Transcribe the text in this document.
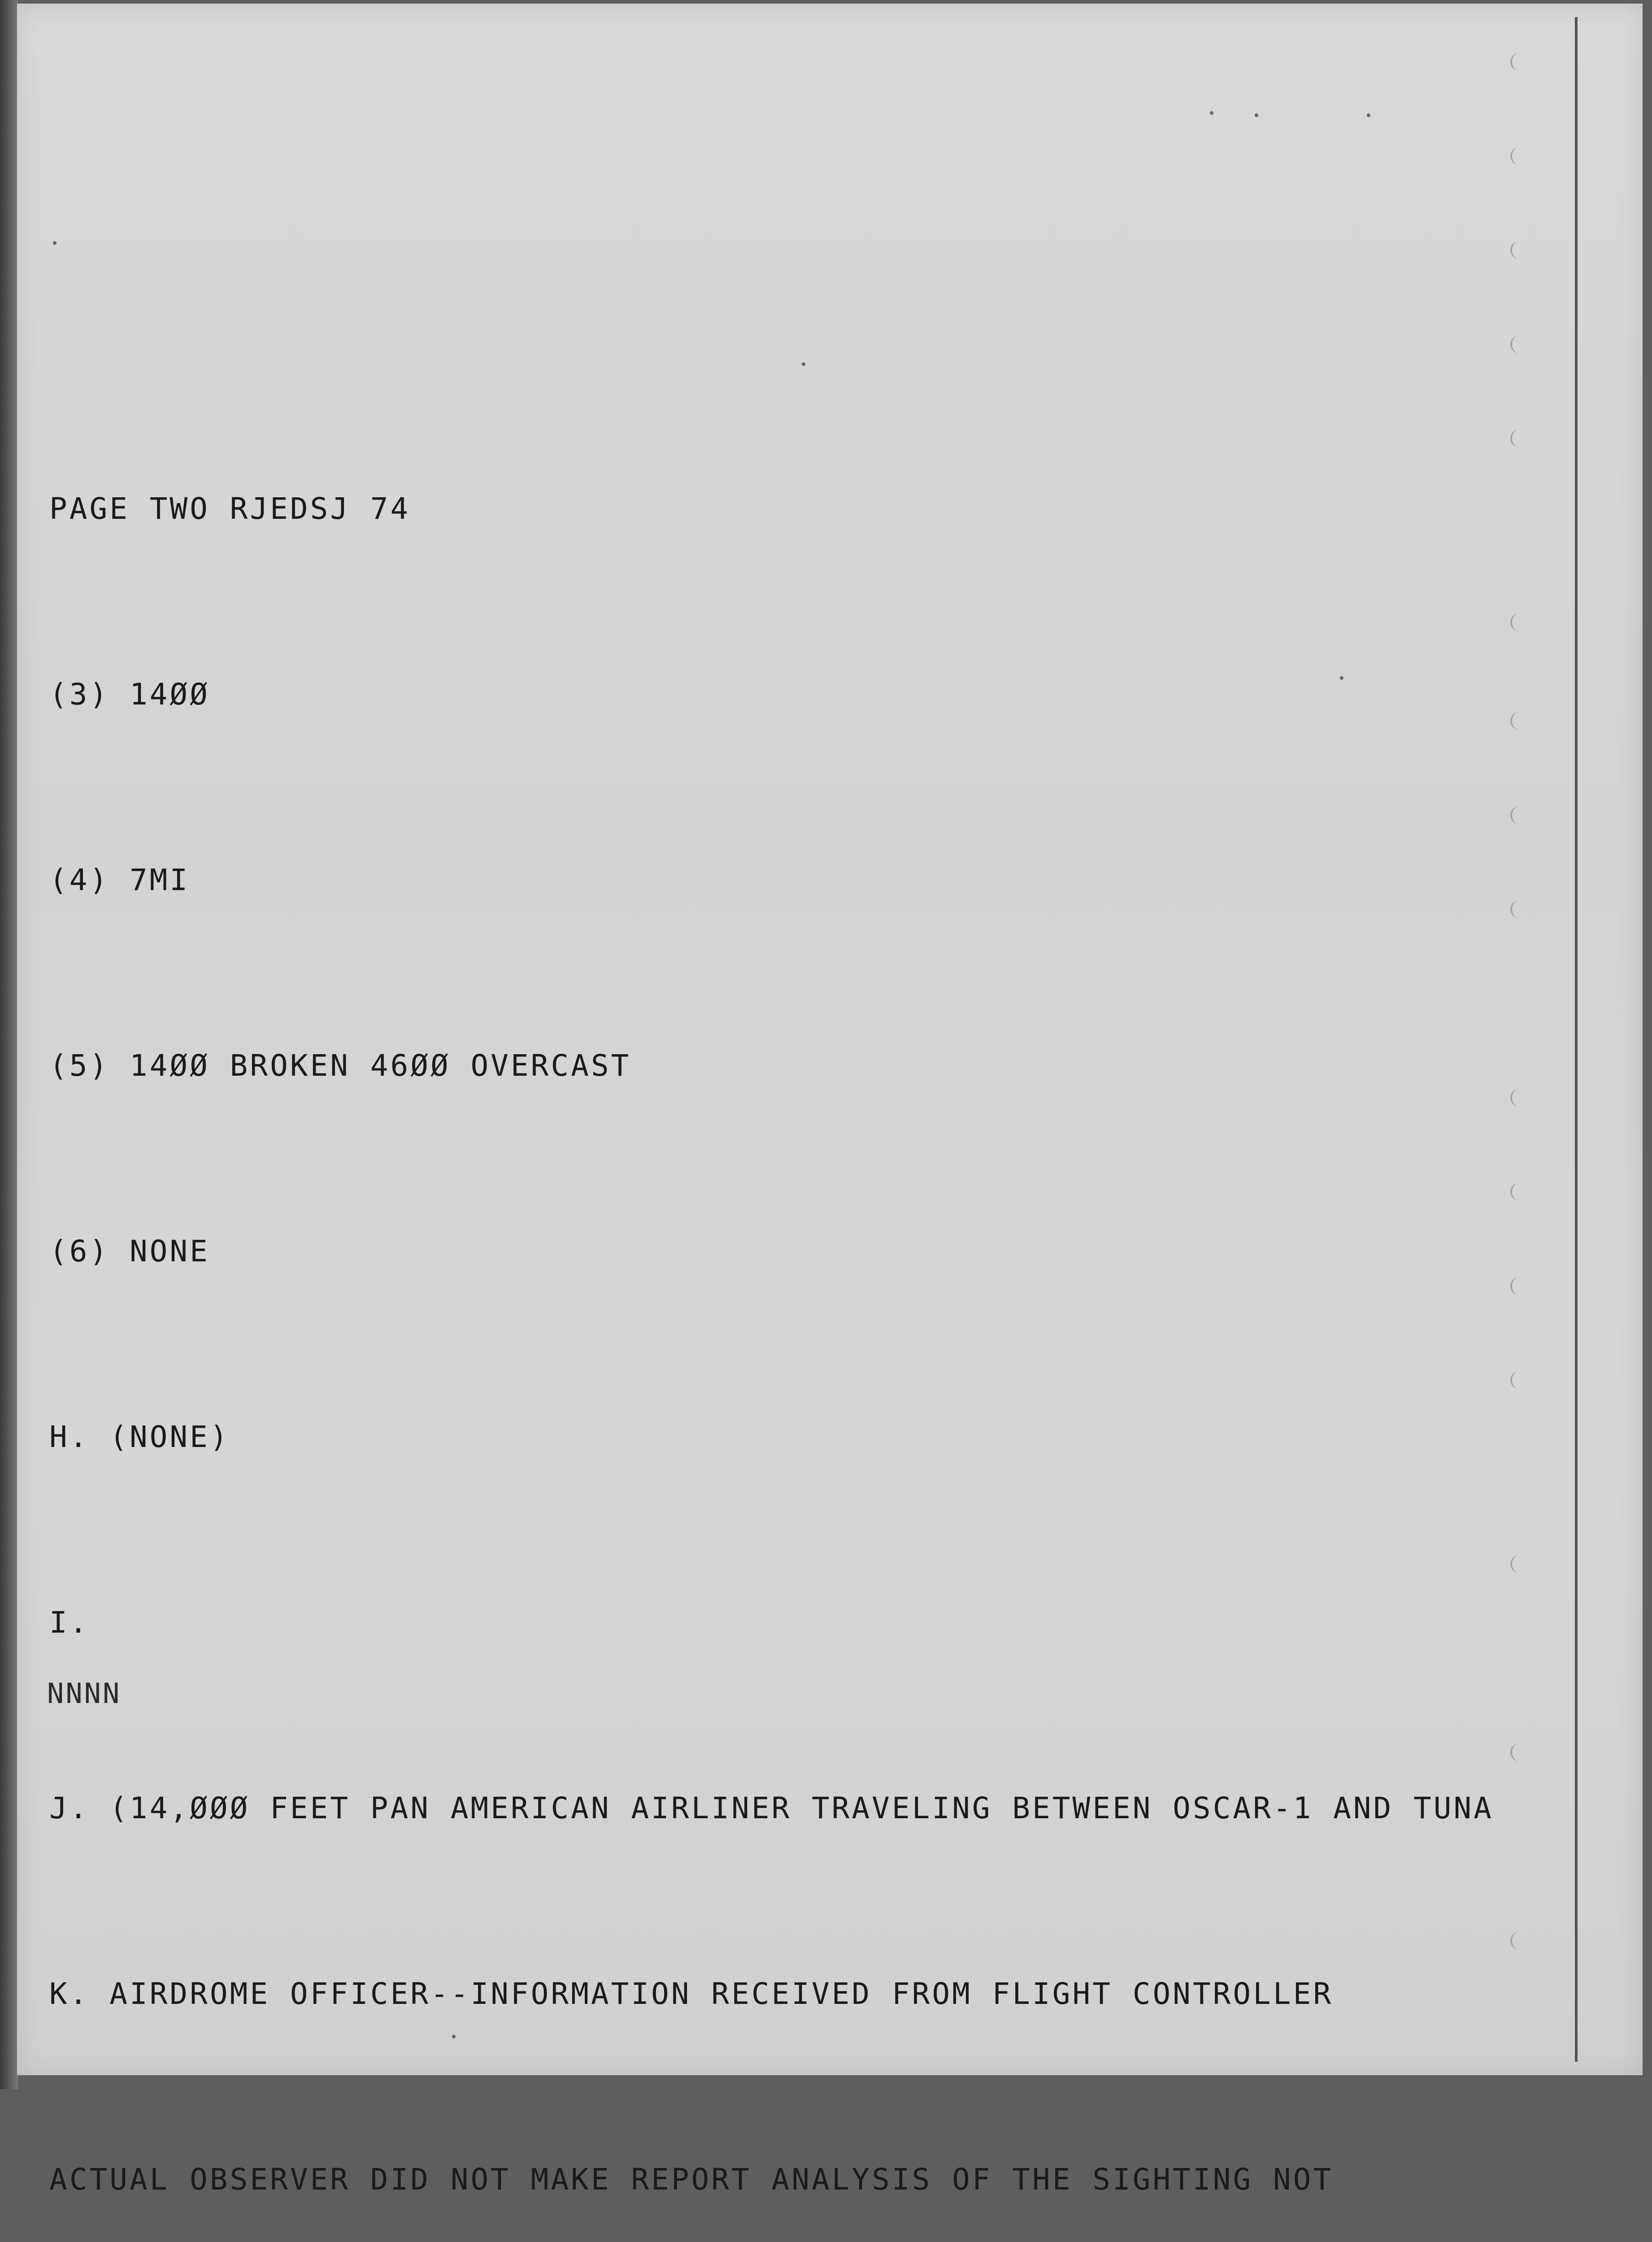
PAGE TWO RJEDSJ 74

(3) 14ØØ

(4) 7MI

(5) 14ØØ BROKEN 46ØØ OVERCAST

(6) NONE

H. (NONE)

I.

J. (14,ØØØ FEET PAN AMERICAN AIRLINER TRAVELING BETWEEN OSCAR-1 AND TUNA

K. AIRDROME OFFICER--INFORMATION RECEIVED FROM FLIGHT CONTROLLER

ACTUAL OBSERVER DID NOT MAKE REPORT ANALYSIS OF THE SIGHTING NOT

NNNN
